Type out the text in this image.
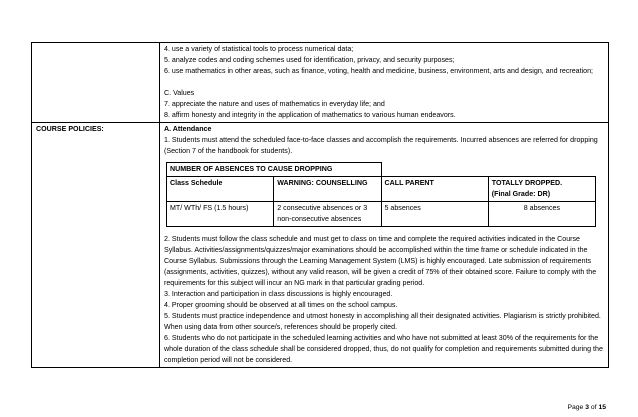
4. use a variety of statistical tools to process numerical data;

5. analyze codes and coding schemes used for identification, privacy, and security purposes;

6. use mathematics in other areas, such as finance, voting, health and medicine, business, environment, arts and design, and recreation;

C. Values

7. appreciate the nature and uses of mathematics in everyday life; and

8. affirm honesty and integrity in the application of mathematics to various human endeavors.

COURSE POLICIES:	A. Attendance

1. Students must attend the scheduled face-to-face classes and accomplish the requirements. Incurred absences are referred for dropping (Section 7 of the handbook for students).

NUMBER OF ABSENCES TO CAUSE DROPPING		
Class Schedule	WARNING: COUNSELLING	CALL PARENT	TOTALLY DROPPED.
(Final Grade: DR)

MT/ WTh/ FS (1.5 hours)	2 consecutive absences or 3 non-consecutive absences	5 absences	8 absences

2. Students must follow the class schedule and must get to class on time and complete the required activities indicated in the Course Syllabus. Activities/assignments/quizzes/major examinations should be accomplished within the time frame or schedule indicated in the Course Syllabus. Submissions through the Learning Management System (LMS) is highly encouraged. Late submission of requirements (assignments, activities, quizzes), without any valid reason, will be given a credit of 75% of their obtained score. Failure to comply with the requirements for this subject will incur an NG mark in that particular grading period.

3. Interaction and participation in class discussions is highly encouraged.

4. Proper grooming should be observed at all times on the school campus.

5. Students must practice independence and utmost honesty in accomplishing all their designated activities. Plagiarism is strictly prohibited. When using data from other source/s, references should be properly cited.

6. Students who do not participate in the scheduled learning activities and who have not submitted at least 30% of the requirements for the whole duration of the class schedule shall be considered dropped, thus, do not qualify for completion and requirements submitted during the completion period will not be considered.

Page 3 of 15
